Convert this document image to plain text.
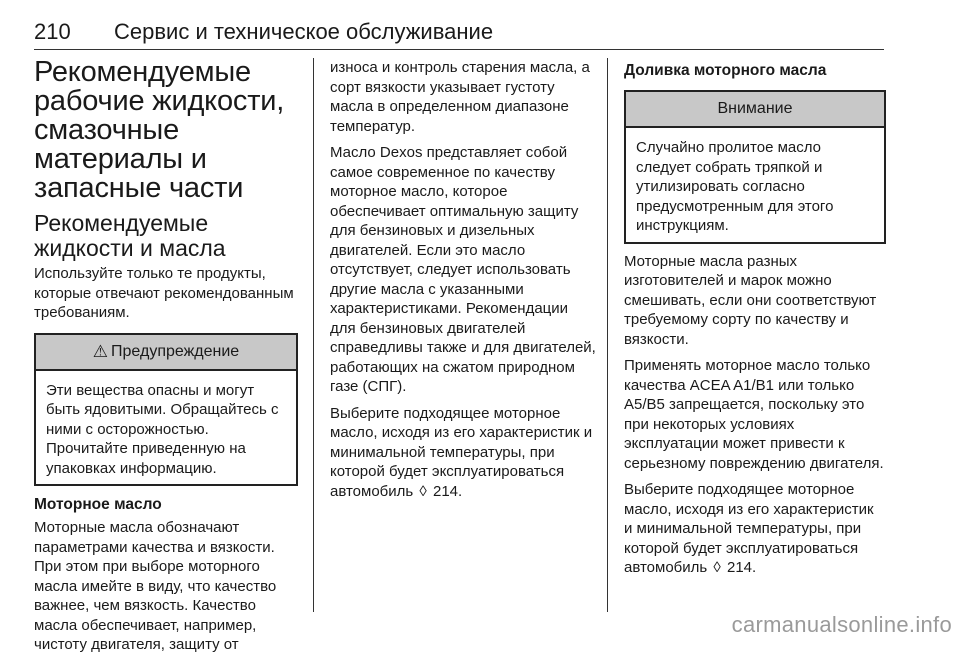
210 Сервис и техническое обслуживание
Рекомендуемые рабочие жидкости, смазочные материалы и запасные части
Рекомендуемые жидкости и масла

Используйте только те продукты, которые отвечают рекомендованным требованиям.

⚠ Предупреждение

Эти вещества опасны и могут быть ядовитыми. Обращайтесь с ними с осторожностью. Прочитайте приведенную на упаковках информацию.

Моторное масло

Моторные масла обозначают параметрами качества и вязкости. При этом при выборе моторного масла имейте в виду, что качество важнее, чем вязкость. Качество масла обеспечивает, например, чистоту двигателя, защиту от

износа и контроль старения масла, а сорт вязкости указывает густоту масла в определенном диапазоне температур.

Масло Dexos представляет собой самое современное по качеству моторное масло, которое обеспечивает оптимальную защиту для бензиновых и дизельных двигателей. Если это масло отсутствует, следует использовать другие масла с указанными характеристиками. Рекомендации для бензиновых двигателей справедливы также и для двигателей, работающих на сжатом природном газе (СПГ).

Выберите подходящее моторное масло, исходя из его характеристик и минимальной температуры, при которой будет эксплуатироваться автомобиль ◊ 214.

Доливка моторного масла
Внимание

Случайно пролитое масло следует собрать тряпкой и утилизировать согласно предусмотренным для этого инструкциям.

Моторные масла разных изготовителей и марок можно смешивать, если они соответствуют требуемому сорту по качеству и вязкости.

Применять моторное масло только качества ACEA A1/B1 или только A5/B5 запрещается, поскольку это при некоторых условиях эксплуатации может привести к серьезному повреждению двигателя.

Выберите подходящее моторное масло, исходя из его характеристик и минимальной температуры, при которой будет эксплуатироваться автомобиль ◊ 214.

carmanualsonline.info
